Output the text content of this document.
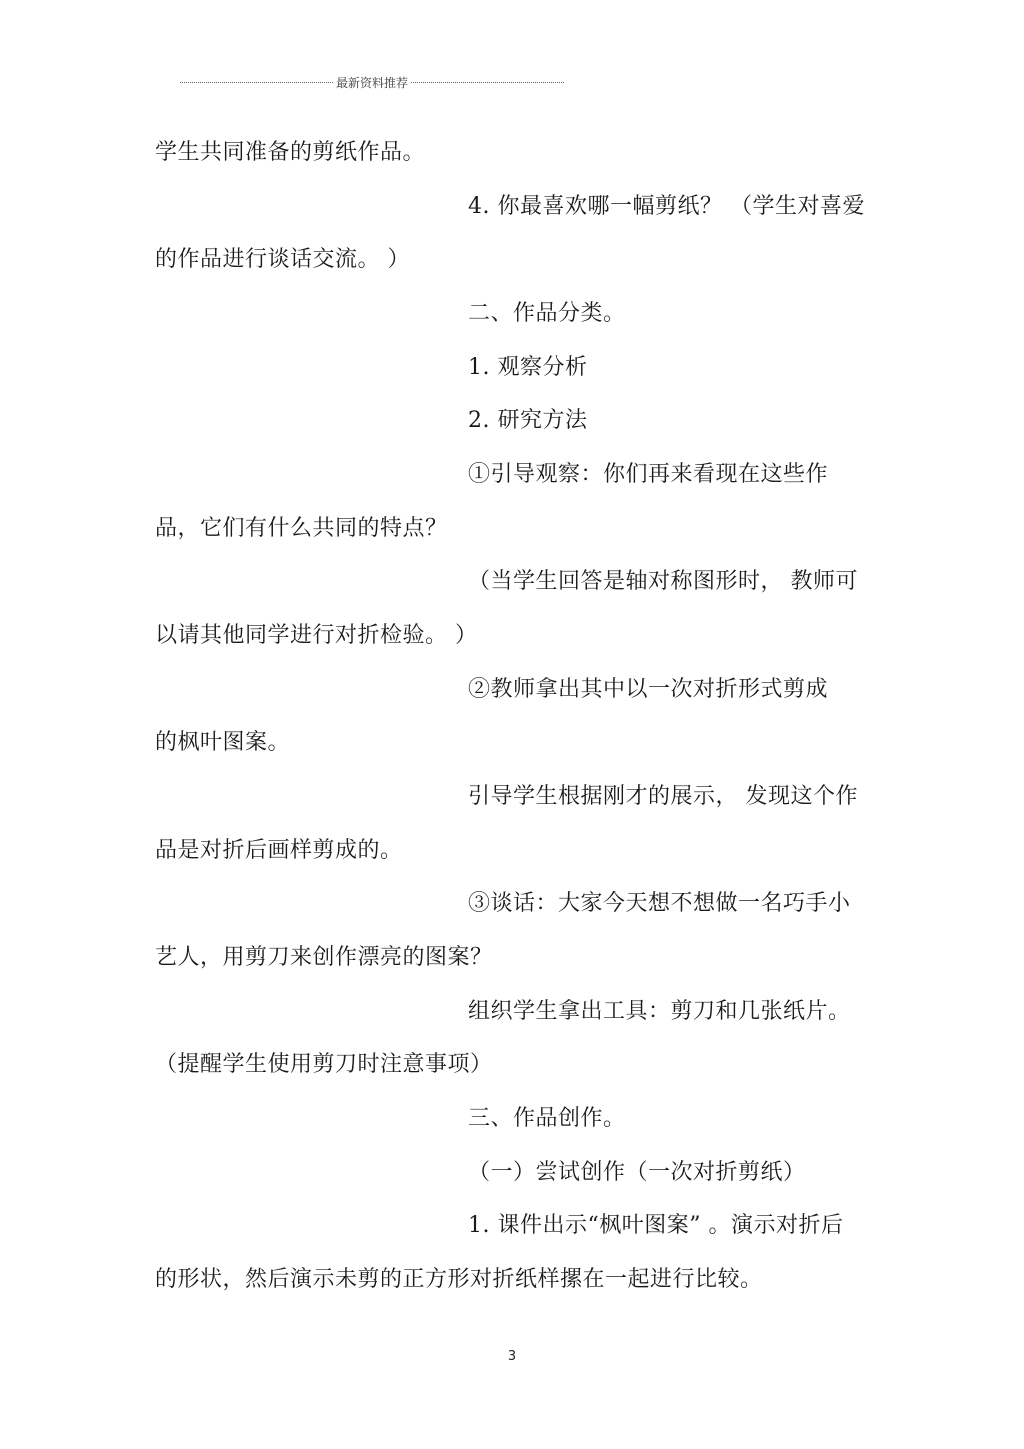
最新资料推荐
学生共同准备的剪纸作品。
4. 你最喜欢哪一幅剪纸？ （学生对喜爱
的作品进行谈话交流。 ）
二、作品分类。
1. 观察分析
2. 研究方法
①引导观察：你们再来看现在这些作
品，它们有什么共同的特点？
（当学生回答是轴对称图形时， 教师可
以请其他同学进行对折检验。 ）
②教师拿出其中以一次对折形式剪成
的枫叶图案。
引导学生根据刚才的展示， 发现这个作
品是对折后画样剪成的。
③谈话：大家今天想不想做一名巧手小
艺人，用剪刀来创作漂亮的图案？
组织学生拿出工具：剪刀和几张纸片。
（提醒学生使用剪刀时注意事项）
三、作品创作。
（一）尝试创作（一次对折剪纸）
1. 课件出示“枫叶图案” 。演示对折后
的形状，然后演示未剪的正方形对折纸样摞在一起进行比较。
3
